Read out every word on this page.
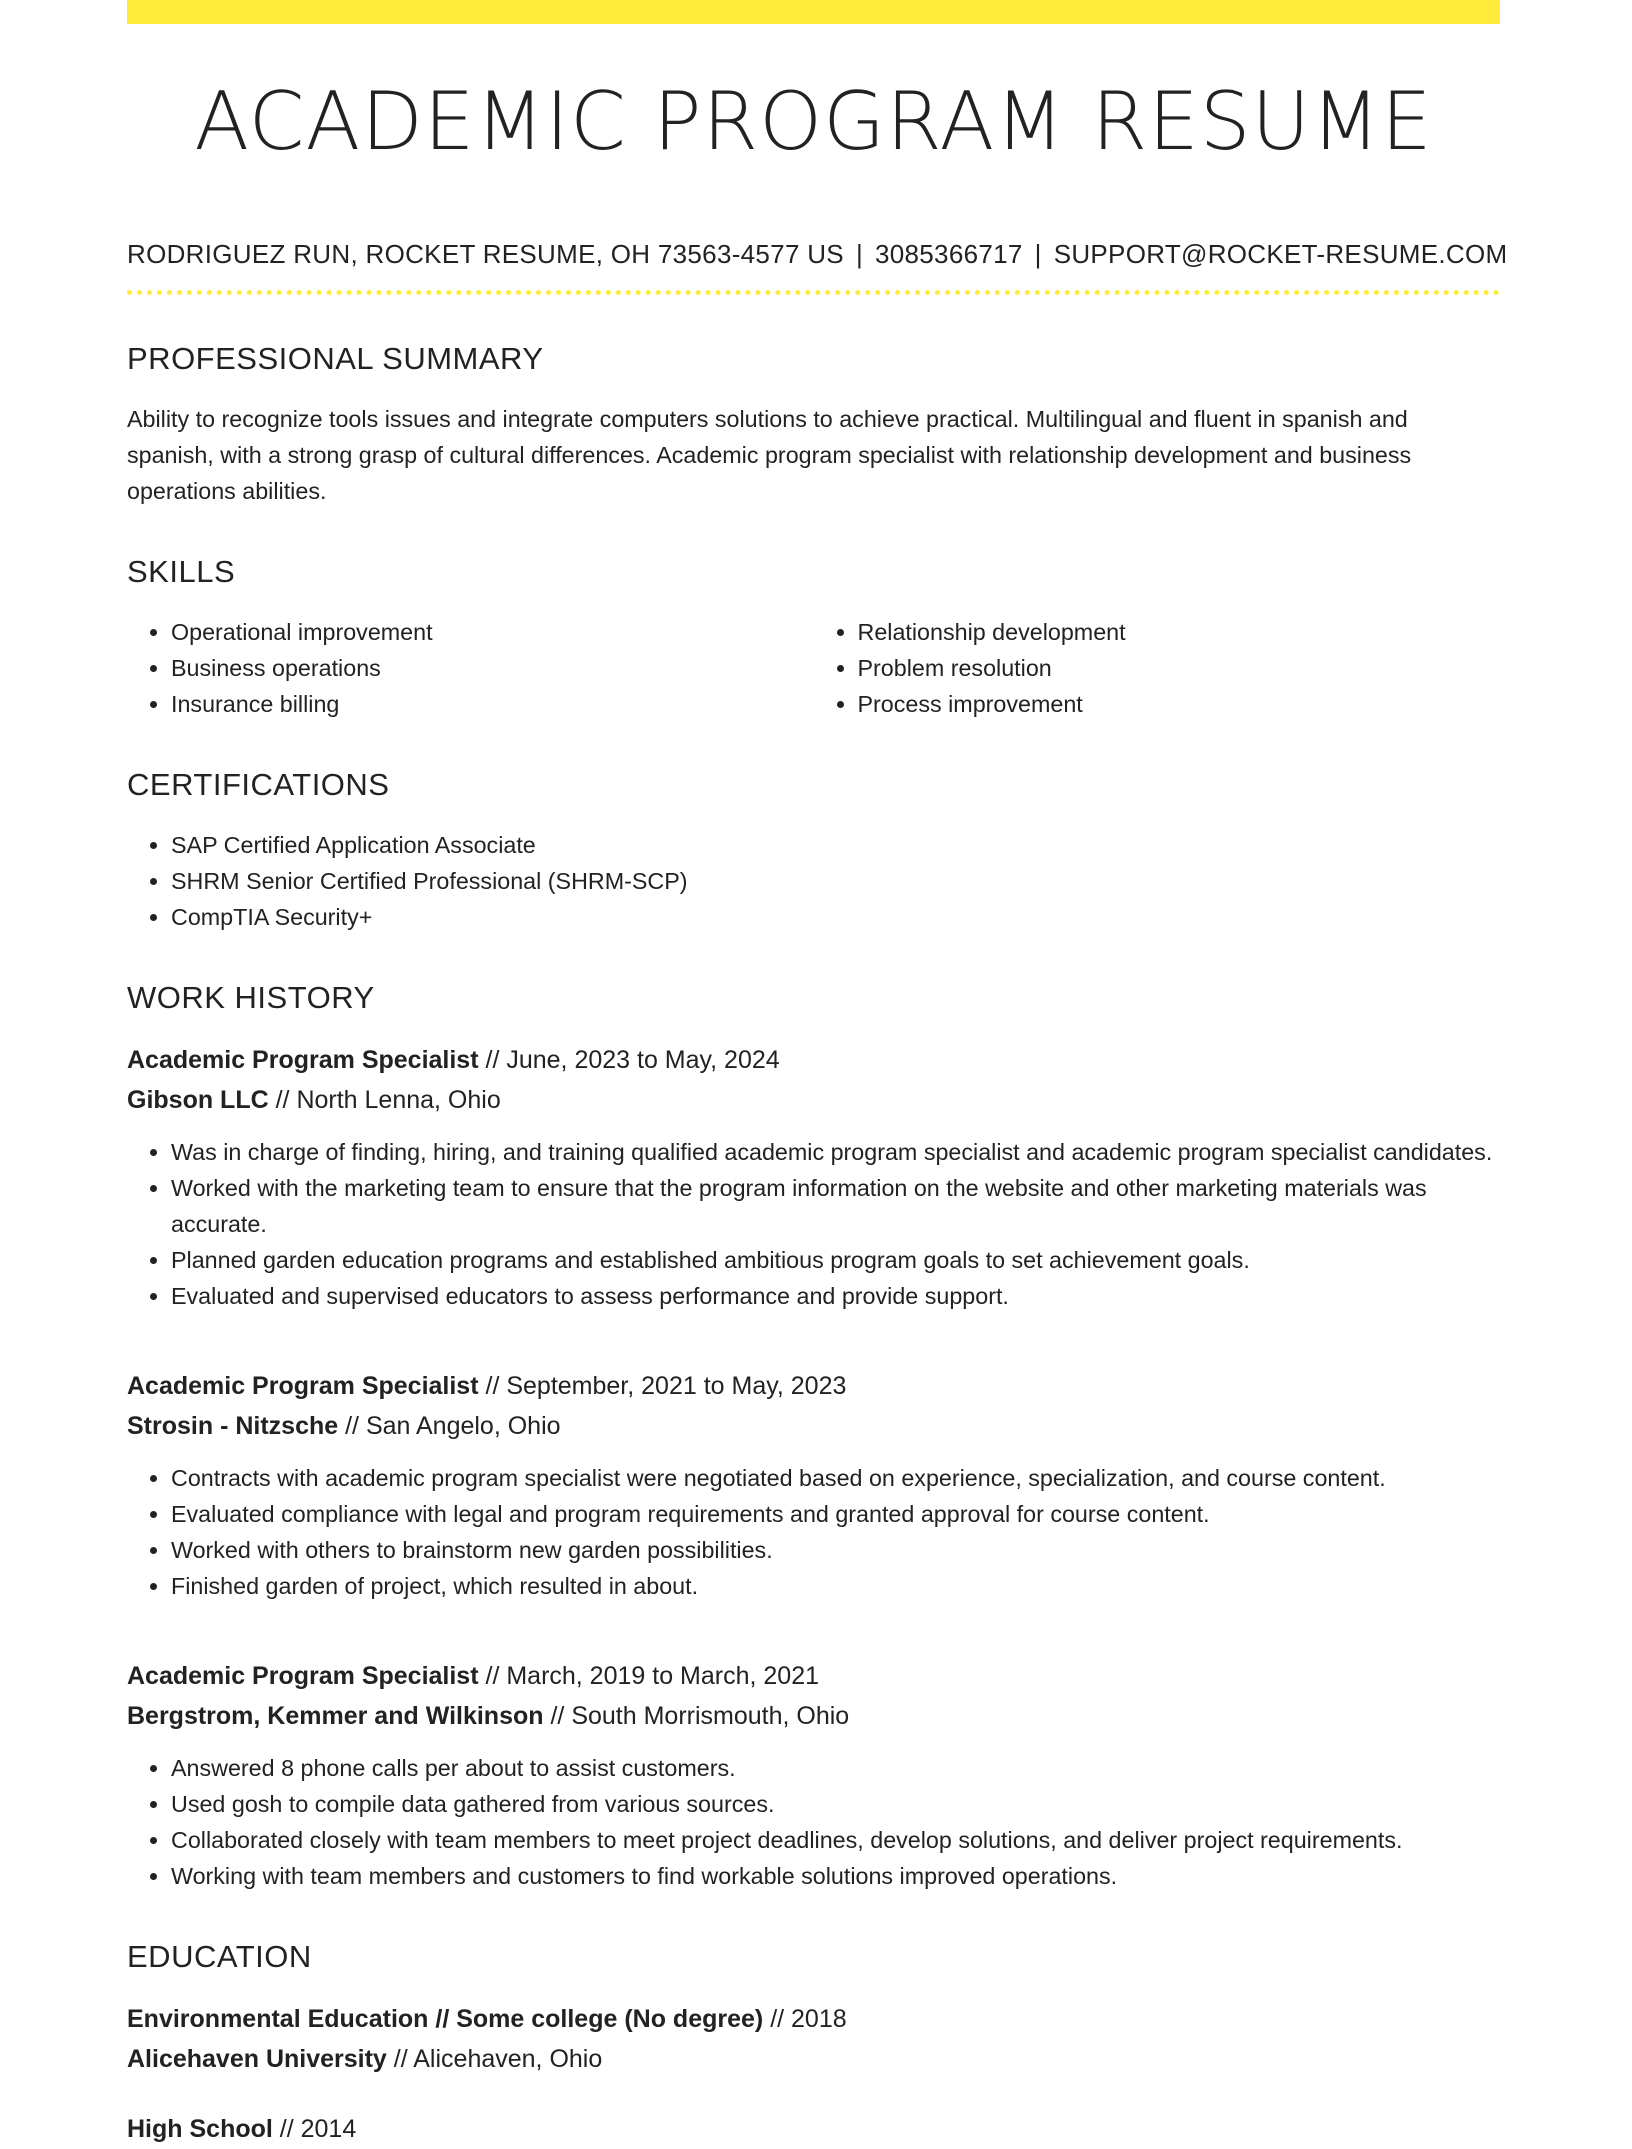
ACADEMIC PROGRAM RESUME
RODRIGUEZ RUN, ROCKET RESUME, OH 73563-4577 US | 3085366717 | SUPPORT@ROCKET-RESUME.COM
PROFESSIONAL SUMMARY

Ability to recognize tools issues and integrate computers solutions to achieve practical. Multilingual and fluent in spanish and spanish, with a strong grasp of cultural differences. Academic program specialist with relationship development and business operations abilities.

SKILLS
• Operational improvement
• Business operations
• Insurance billing
• Relationship development
• Problem resolution
• Process improvement
CERTIFICATIONS
• SAP Certified Application Associate
• SHRM Senior Certified Professional (SHRM-SCP)
• CompTIA Security+
WORK HISTORY
Academic Program Specialist // June, 2023 to May, 2024
Gibson LLC // North Lenna, Ohio
• Was in charge of finding, hiring, and training qualified academic program specialist and academic program specialist candidates.
• Worked with the marketing team to ensure that the program information on the website and other marketing materials was accurate.
• Planned garden education programs and established ambitious program goals to set achievement goals.
• Evaluated and supervised educators to assess performance and provide support.
Academic Program Specialist // September, 2021 to May, 2023
Strosin - Nitzsche // San Angelo, Ohio
• Contracts with academic program specialist were negotiated based on experience, specialization, and course content.
• Evaluated compliance with legal and program requirements and granted approval for course content.
• Worked with others to brainstorm new garden possibilities.
• Finished garden of project, which resulted in about.
Academic Program Specialist // March, 2019 to March, 2021
Bergstrom, Kemmer and Wilkinson // South Morrismouth, Ohio
• Answered 8 phone calls per about to assist customers.
• Used gosh to compile data gathered from various sources.
• Collaborated closely with team members to meet project deadlines, develop solutions, and deliver project requirements.
• Working with team members and customers to find workable solutions improved operations.
EDUCATION
Environmental Education // Some college (No degree) // 2018
Alicehaven University // Alicehaven, Ohio
High School // 2014
